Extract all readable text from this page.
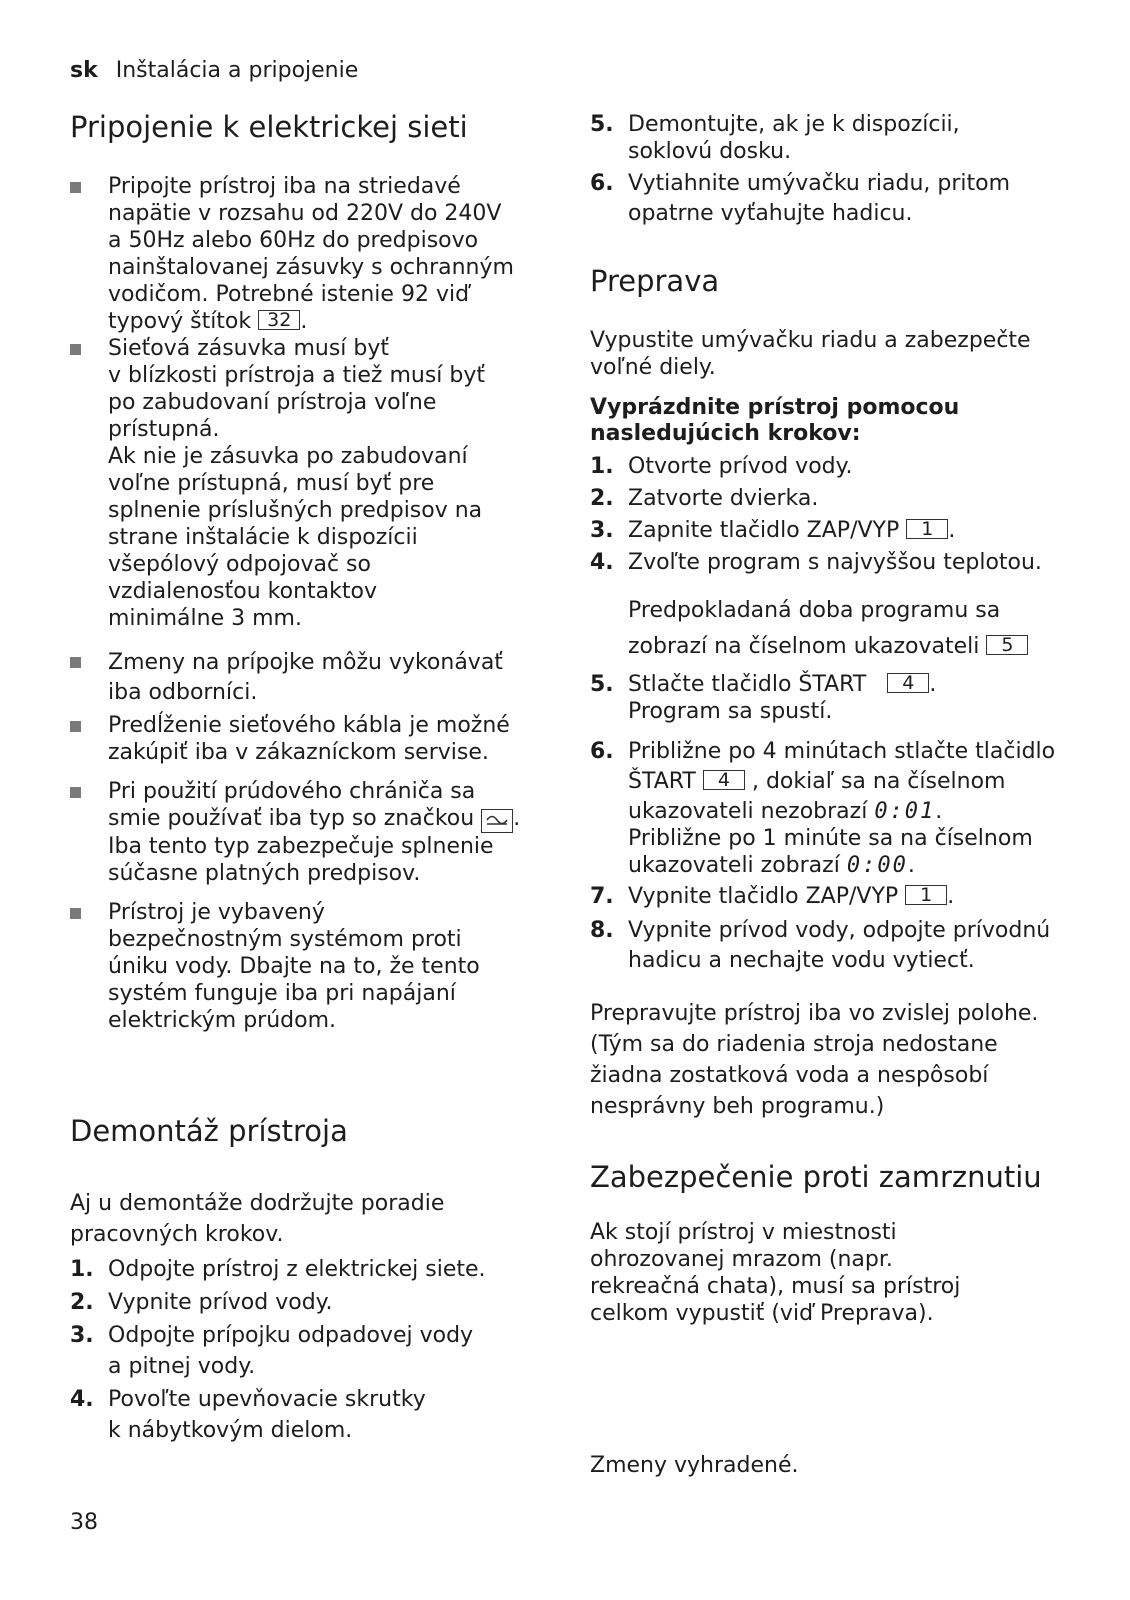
sk Inštalácia a pripojenie
Pripojenie k elektrickej sieti
Pripojte prístroj iba na striedavé
napätie v rozsahu od 220V do 240V
a 50Hz alebo 60Hz do predpisovo
nainštalovanej zásuvky s ochranným
vodičom. Potrebné istenie 92 viď
typový štítok 32 .
Sieťová zásuvka musí byť
v blízkosti prístroja a tiež musí byť
po zabudovaní prístroja voľne
prístupná.
Ak nie je zásuvka po zabudovaní
voľne prístupná, musí byť pre
splnenie príslušných predpisov na
strane inštalácie k dispozícii
všepólový odpojovač so
vzdialenosťou kontaktov
minimálne 3 mm.
Zmeny na prípojke môžu vykonávať
iba odborníci.
Predĺženie sieťového kábla je možné
zakúpiť iba v zákazníckom servise.
Pri použití prúdového chrániča sa
smie používať iba typ so značkou .
Iba tento typ zabezpečuje splnenie
súčasne platných predpisov.
Prístroj je vybavený
bezpečnostným systémom proti
úniku vody. Dbajte na to, že tento
systém funguje iba pri napájaní
elektrickým prúdom.
Demontáž prístroja
Aj u demontáže dodržujte poradie
pracovných krokov.
1. Odpojte prístroj z elektrickej siete.
2. Vypnite prívod vody.
3. Odpojte prípojku odpadovej vody
a pitnej vody.
4. Povoľte upevňovacie skrutky
k nábytkovým dielom.
5. Demontujte, ak je k dispozícii,
soklovú dosku.
6. Vytiahnite umývačku riadu, pritom
opatrne vyťahujte hadicu.
Preprava
Vypustite umývačku riadu a zabezpečte
voľné diely.
Vyprázdnite prístroj pomocou
nasledujúcich krokov:
1. Otvorte prívod vody.
2. Zatvorte dvierka.
3. Zapnite tlačidlo ZAP/VYP 1 .
4. Zvoľte program s najvyššou teplotou.
Predpokladaná doba programu sa
zobrazí na číselnom ukazovateli 5
5. Stlačte tlačidlo ŠTART 4 .
Program sa spustí.
6. Približne po 4 minútach stlačte tlačidlo
ŠTART 4 , dokiaľ sa na číselnom
ukazovateli nezobrazí 0:01.
Približne po 1 minúte sa na číselnom
ukazovateli zobrazí 0:00.
7. Vypnite tlačidlo ZAP/VYP 1 .
8. Vypnite prívod vody, odpojte prívodnú
hadicu a nechajte vodu vytiecť.
Prepravujte prístroj iba vo zvislej polohe.
(Tým sa do riadenia stroja nedostane
žiadna zostatková voda a nespôsobí
nesprávny beh programu.)
Zabezpečenie proti zamrznutiu
Ak stojí prístroj v miestnosti
ohrozovanej mrazom (napr.
rekreačná chata), musí sa prístroj
celkom vypustiť (viď Preprava).
Zmeny vyhradené.
38
